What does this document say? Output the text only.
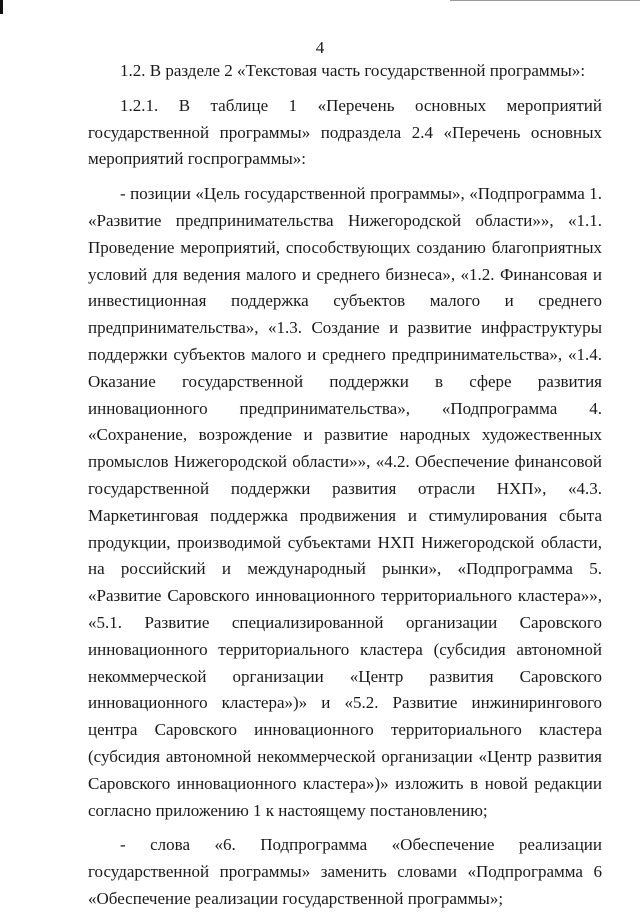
4

1.2. В разделе 2 «Текстовая часть государственной программы»:

1.2.1. В таблице 1 «Перечень основных мероприятий государственной программы» подраздела 2.4 «Перечень основных мероприятий госпрограммы»:

- позиции «Цель государственной программы», «Подпрограмма 1. «Развитие предпринимательства Нижегородской области»», «1.1. Проведение мероприятий, способствующих созданию благоприятных условий для ведения малого и среднего бизнеса», «1.2. Финансовая и инвестиционная поддержка субъектов малого и среднего предпринимательства», «1.3. Создание и развитие инфраструктуры поддержки субъектов малого и среднего предпринимательства», «1.4. Оказание государственной поддержки в сфере развития инновационного предпринимательства», «Подпрограмма 4. «Сохранение, возрождение и развитие народных художественных промыслов Нижегородской области»», «4.2. Обеспечение финансовой государственной поддержки развития отрасли НХП», «4.3. Маркетинговая поддержка продвижения и стимулирования сбыта продукции, производимой субъектами НХП Нижегородской области, на российский и международный рынки», «Подпрограмма 5. «Развитие Саровского инновационного территориального кластера»», «5.1. Развитие специализированной организации Саровского инновационного территориального кластера (субсидия автономной некоммерческой организации «Центр развития Саровского инновационного кластера»)» и «5.2. Развитие инжинирингового центра Саровского инновационного территориального кластера (субсидия автономной некоммерческой организации «Центр развития Саровского инновационного кластера»)» изложить в новой редакции согласно приложению 1 к настоящему постановлению;

- слова «6. Подпрограмма «Обеспечение реализации государственной программы» заменить словами «Подпрограмма 6 «Обеспечение реализации государственной программы»;
